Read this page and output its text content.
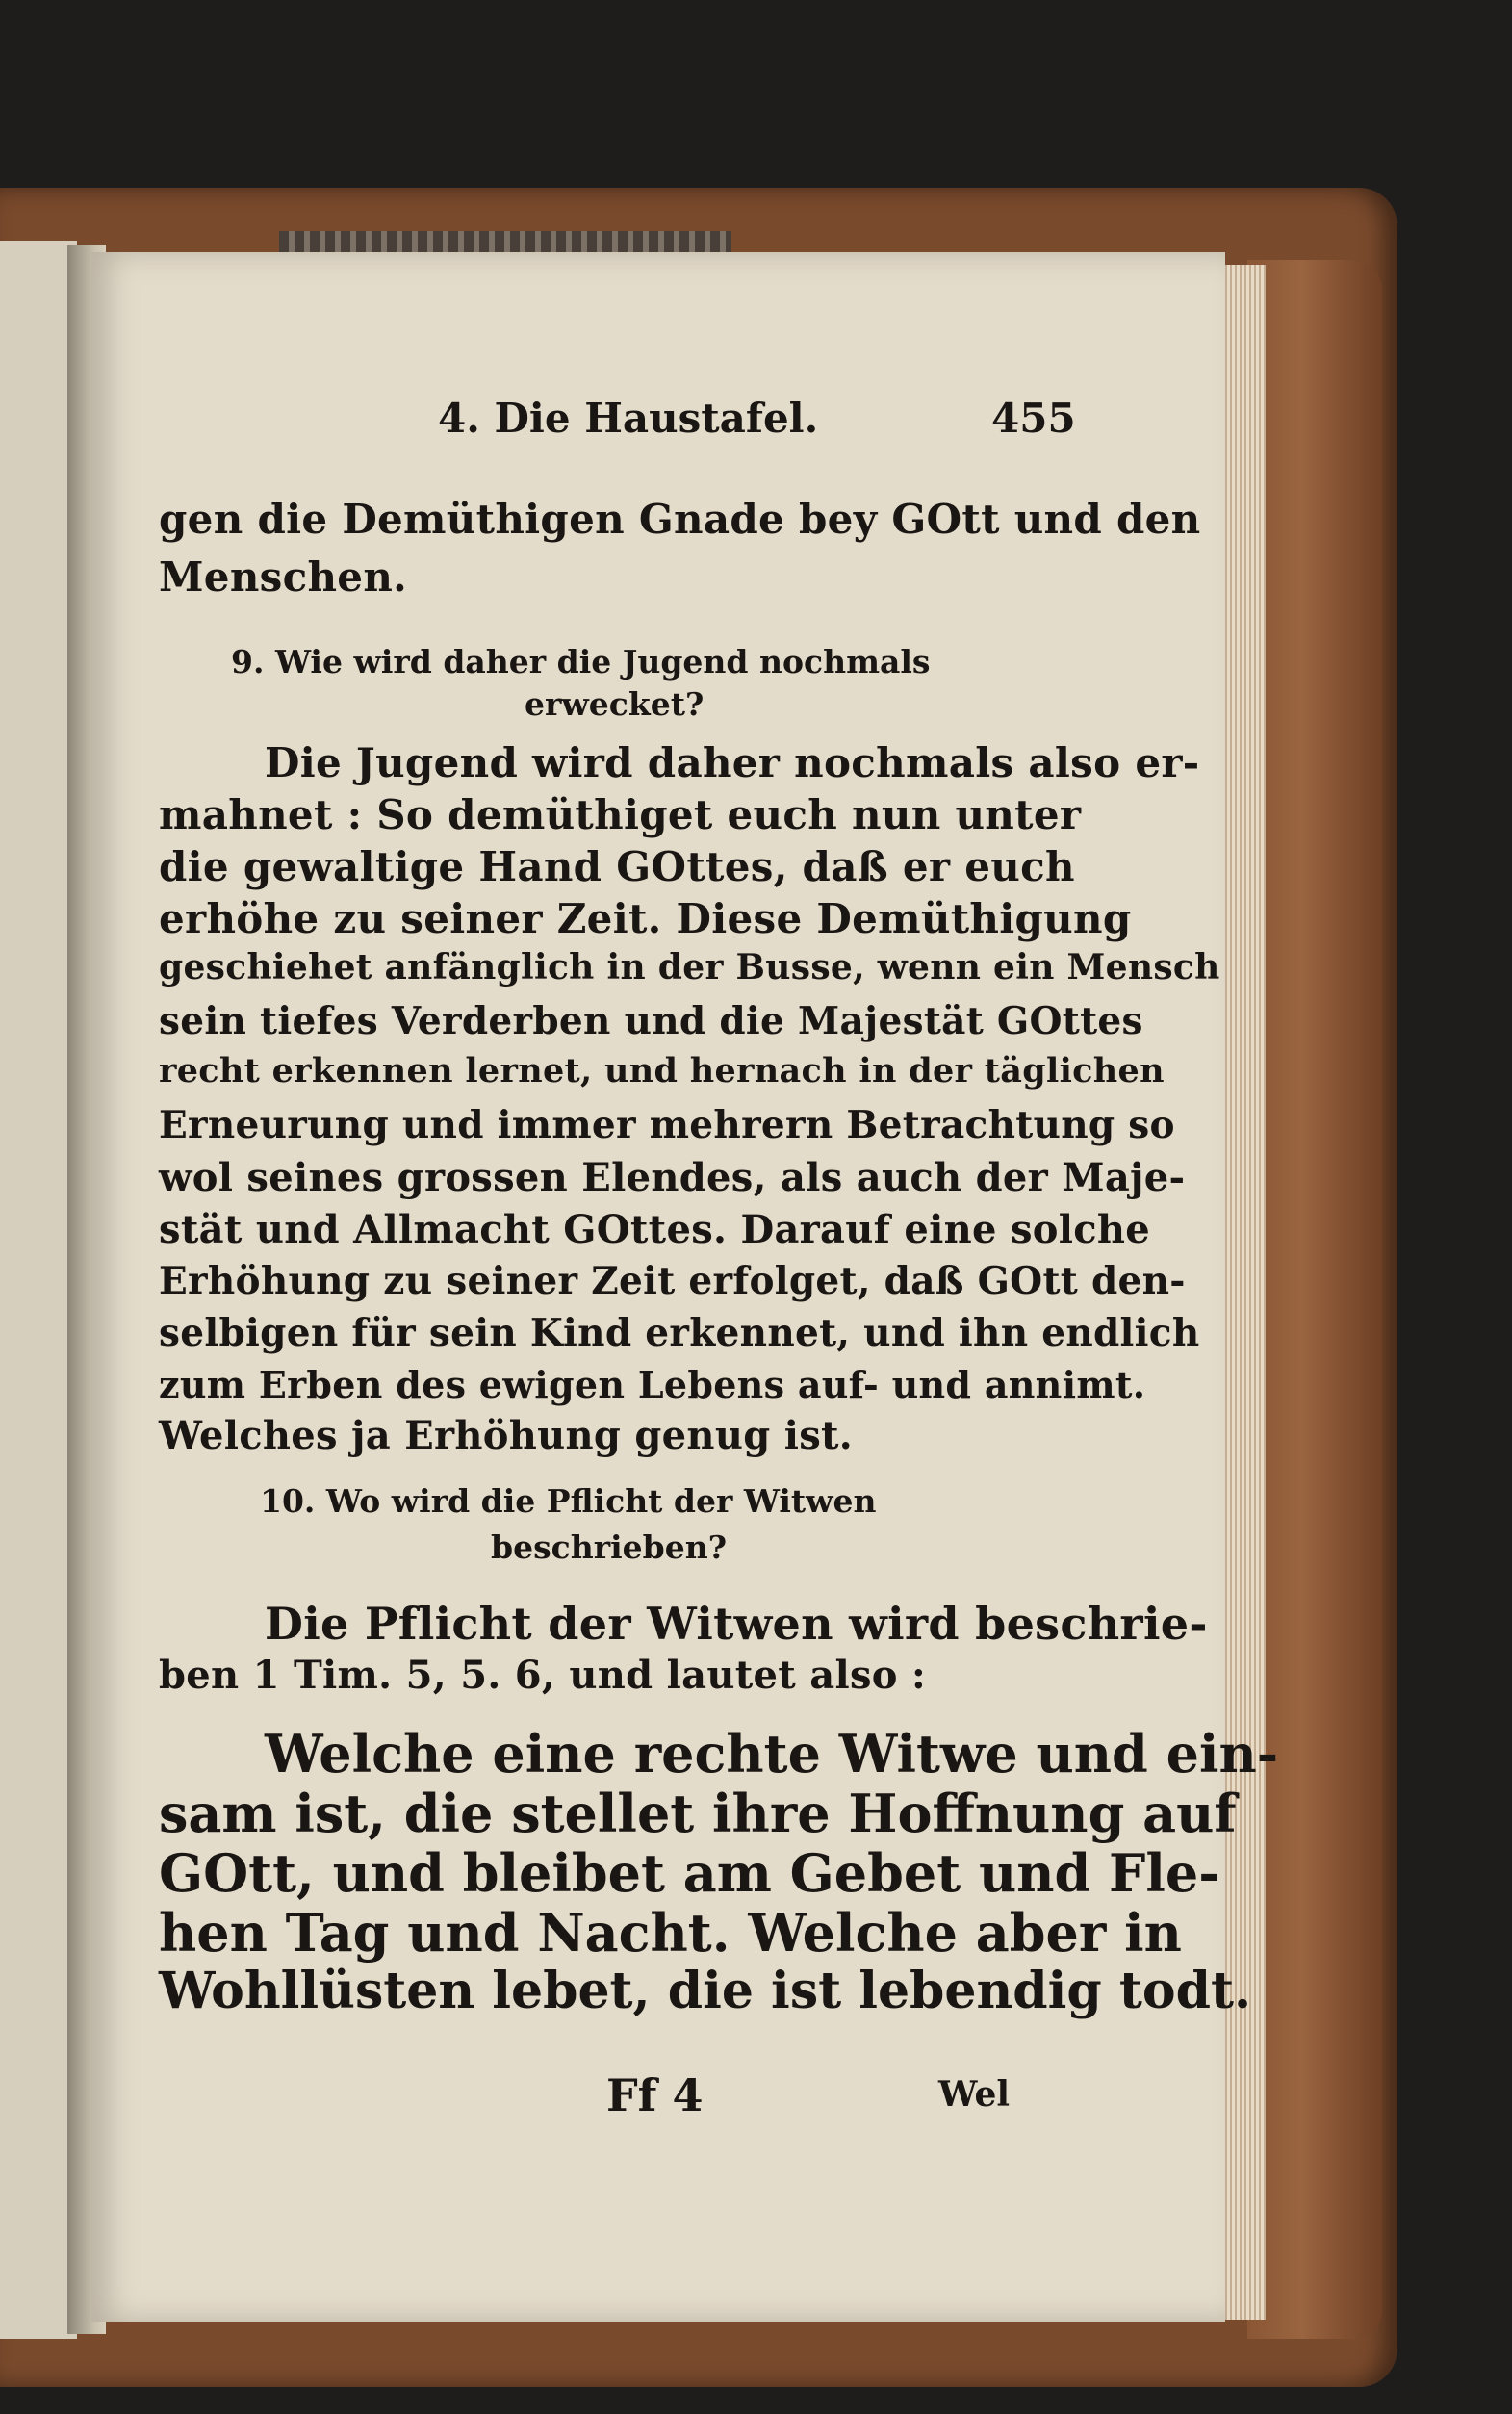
4. Die Haustafel.	455
gen die Demüthigen Gnade bey GOtt und den
Menschen.
9. Wie wird daher die Jugend nochmals
erwecket?
Die Jugend wird daher nochmals also er-
mahnet : So demüthiget euch nun unter
die gewaltige Hand GOttes, daß er euch
erhöhe zu seiner Zeit. Diese Demüthigung
geschiehet anfänglich in der Busse, wenn ein Mensch
sein tiefes Verderben und die Majestät GOttes
recht erkennen lernet, und hernach in der täglichen
Erneurung und immer mehrern Betrachtung so
wol seines grossen Elendes, als auch der Maje-
stät und Allmacht GOttes. Darauf eine solche
Erhöhung zu seiner Zeit erfolget, daß GOtt den-
selbigen für sein Kind erkennet, und ihn endlich
zum Erben des ewigen Lebens auf- und annimt.
Welches ja Erhöhung genug ist.
10. Wo wird die Pflicht der Witwen
beschrieben?
Die Pflicht der Witwen wird beschrie-
ben 1 Tim. 5, 5. 6, und lautet also :
Welche eine rechte Witwe und ein-
sam ist, die stellet ihre Hoffnung auf
GOtt, und bleibet am Gebet und Fle-
hen Tag und Nacht. Welche aber in
Wohllüsten lebet, die ist lebendig todt.
Ff 4	Wel
